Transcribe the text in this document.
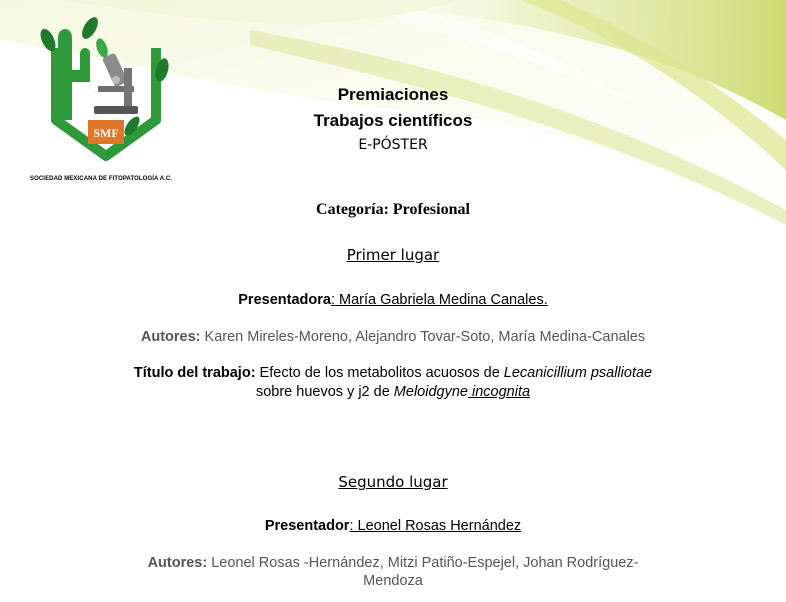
SMF
SOCIEDAD MEXICANA DE FITOPATOLOGÍA A.C.
Premiaciones
Trabajos científicos
E-PÓSTER
Categoría: Profesional
Primer lugar
Presentadora: María Gabriela Medina Canales.
Autores: Karen Mireles-Moreno, Alejandro Tovar-Soto, María Medina-Canales
Título del trabajo: Efecto de los metabolitos acuosos de Lecanicillium psalliotae
sobre huevos y j2 de Meloidgyne incognita
Segundo lugar
Presentador: Leonel Rosas Hernández
Autores: Leonel Rosas -Hernández, Mitzi Patiño-Espejel, Johan Rodríguez-
Mendoza
